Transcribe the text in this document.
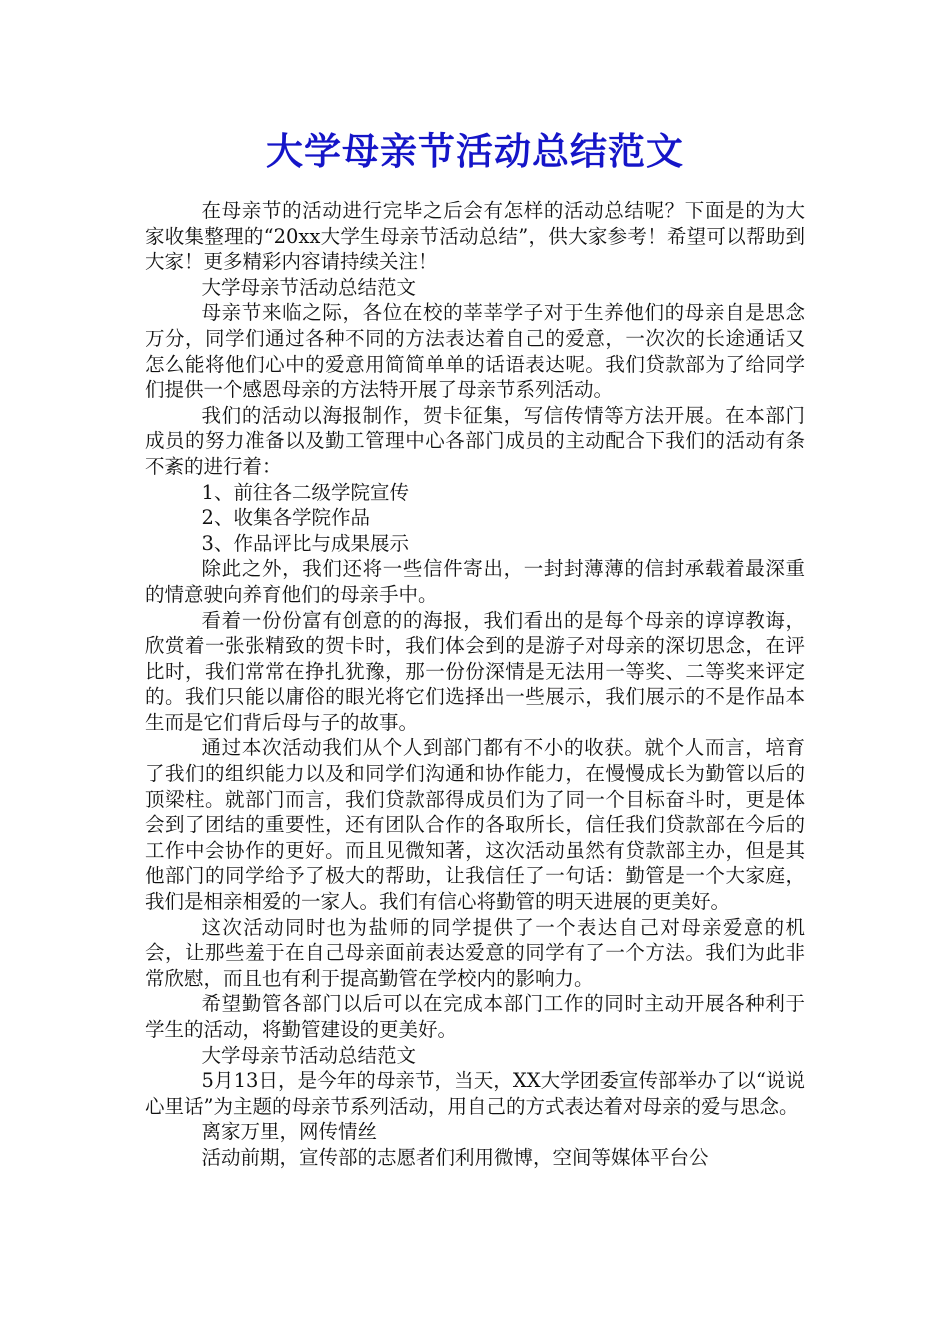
大学母亲节活动总结范文

在母亲节的活动进行完毕之后会有怎样的活动总结呢？下面是的为大家收集整理的“20xx大学生母亲节活动总结”，供大家参考！希望可以帮助到大家！更多精彩内容请持续关注！

大学母亲节活动总结范文

母亲节来临之际，各位在校的莘莘学子对于生养他们的母亲自是思念万分，同学们通过各种不同的方法表达着自己的爱意，一次次的长途通话又怎么能将他们心中的爱意用简简单单的话语表达呢。我们贷款部为了给同学们提供一个感恩母亲的方法特开展了母亲节系列活动。

我们的活动以海报制作，贺卡征集，写信传情等方法开展。在本部门成员的努力准备以及勤工管理中心各部门成员的主动配合下我们的活动有条不紊的进行着：

1、前往各二级学院宣传

2、收集各学院作品

3、作品评比与成果展示

除此之外，我们还将一些信件寄出，一封封薄薄的信封承载着最深重的情意驶向养育他们的母亲手中。

看着一份份富有创意的的海报，我们看出的是每个母亲的谆谆教诲，欣赏着一张张精致的贺卡时，我们体会到的是游子对母亲的深切思念，在评比时，我们常常在挣扎犹豫，那一份份深情是无法用一等奖、二等奖来评定的。我们只能以庸俗的眼光将它们选择出一些展示，我们展示的不是作品本生而是它们背后母与子的故事。

通过本次活动我们从个人到部门都有不小的收获。就个人而言，培育了我们的组织能力以及和同学们沟通和协作能力，在慢慢成长为勤管以后的顶梁柱。就部门而言，我们贷款部得成员们为了同一个目标奋斗时，更是体会到了团结的重要性，还有团队合作的各取所长，信任我们贷款部在今后的工作中会协作的更好。而且见微知著，这次活动虽然有贷款部主办，但是其他部门的同学给予了极大的帮助，让我信任了一句话：勤管是一个大家庭，我们是相亲相爱的一家人。我们有信心将勤管的明天进展的更美好。

这次活动同时也为盐师的同学提供了一个表达自己对母亲爱意的机会，让那些羞于在自己母亲面前表达爱意的同学有了一个方法。我们为此非常欣慰，而且也有利于提高勤管在学校内的影响力。

希望勤管各部门以后可以在完成本部门工作的同时主动开展各种利于学生的活动，将勤管建设的更美好。

大学母亲节活动总结范文

5月13日，是今年的母亲节，当天，XX大学团委宣传部举办了以“说说心里话”为主题的母亲节系列活动，用自己的方式表达着对母亲的爱与思念。

离家万里，网传情丝

活动前期，宣传部的志愿者们利用微博，空间等媒体平台公
